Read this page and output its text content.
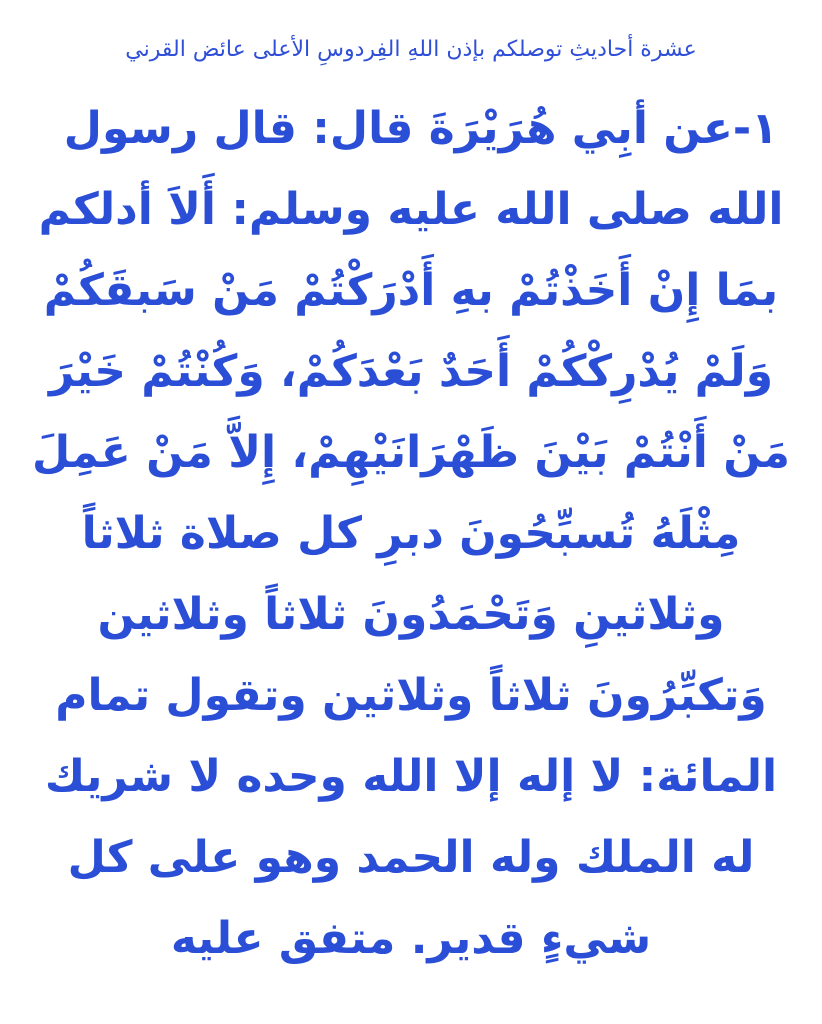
عشرة أحاديثِ توصلكم بإذن اللهِ الفِردوسِ الأعلى عائض القرني
١-عن أبِي هُرَيْرَةَ قال: قال رسول
الله صلى الله عليه وسلم: أَلاَ أدلكم
بمَا إِنْ أَخَذْتُمْ بهِ أَدْرَكْتُمْ مَنْ سَبقَكُمْ
وَلَمْ يُدْرِكْكُمْ أَحَدٌ بَعْدَكُمْ، وَكُنْتُمْ خَيْرَ
مَنْ أَنْتُمْ بَيْنَ ظَهْرَانَيْهِمْ، إِلاَّ مَنْ عَمِلَ
مِثْلَهُ تُسبِّحُونَ دبرِ كل صلاة ثلاثاً
وثلاثينِ وَتَحْمَدُونَ ثلاثاً وثلاثين
وَتكبِّرُونَ ثلاثاً وثلاثين وتقول تمام
المائة: لا إله إلا الله وحده لا شريك
له الملك وله الحمد وهو على كل
شيءٍ قدير. متفق عليه
